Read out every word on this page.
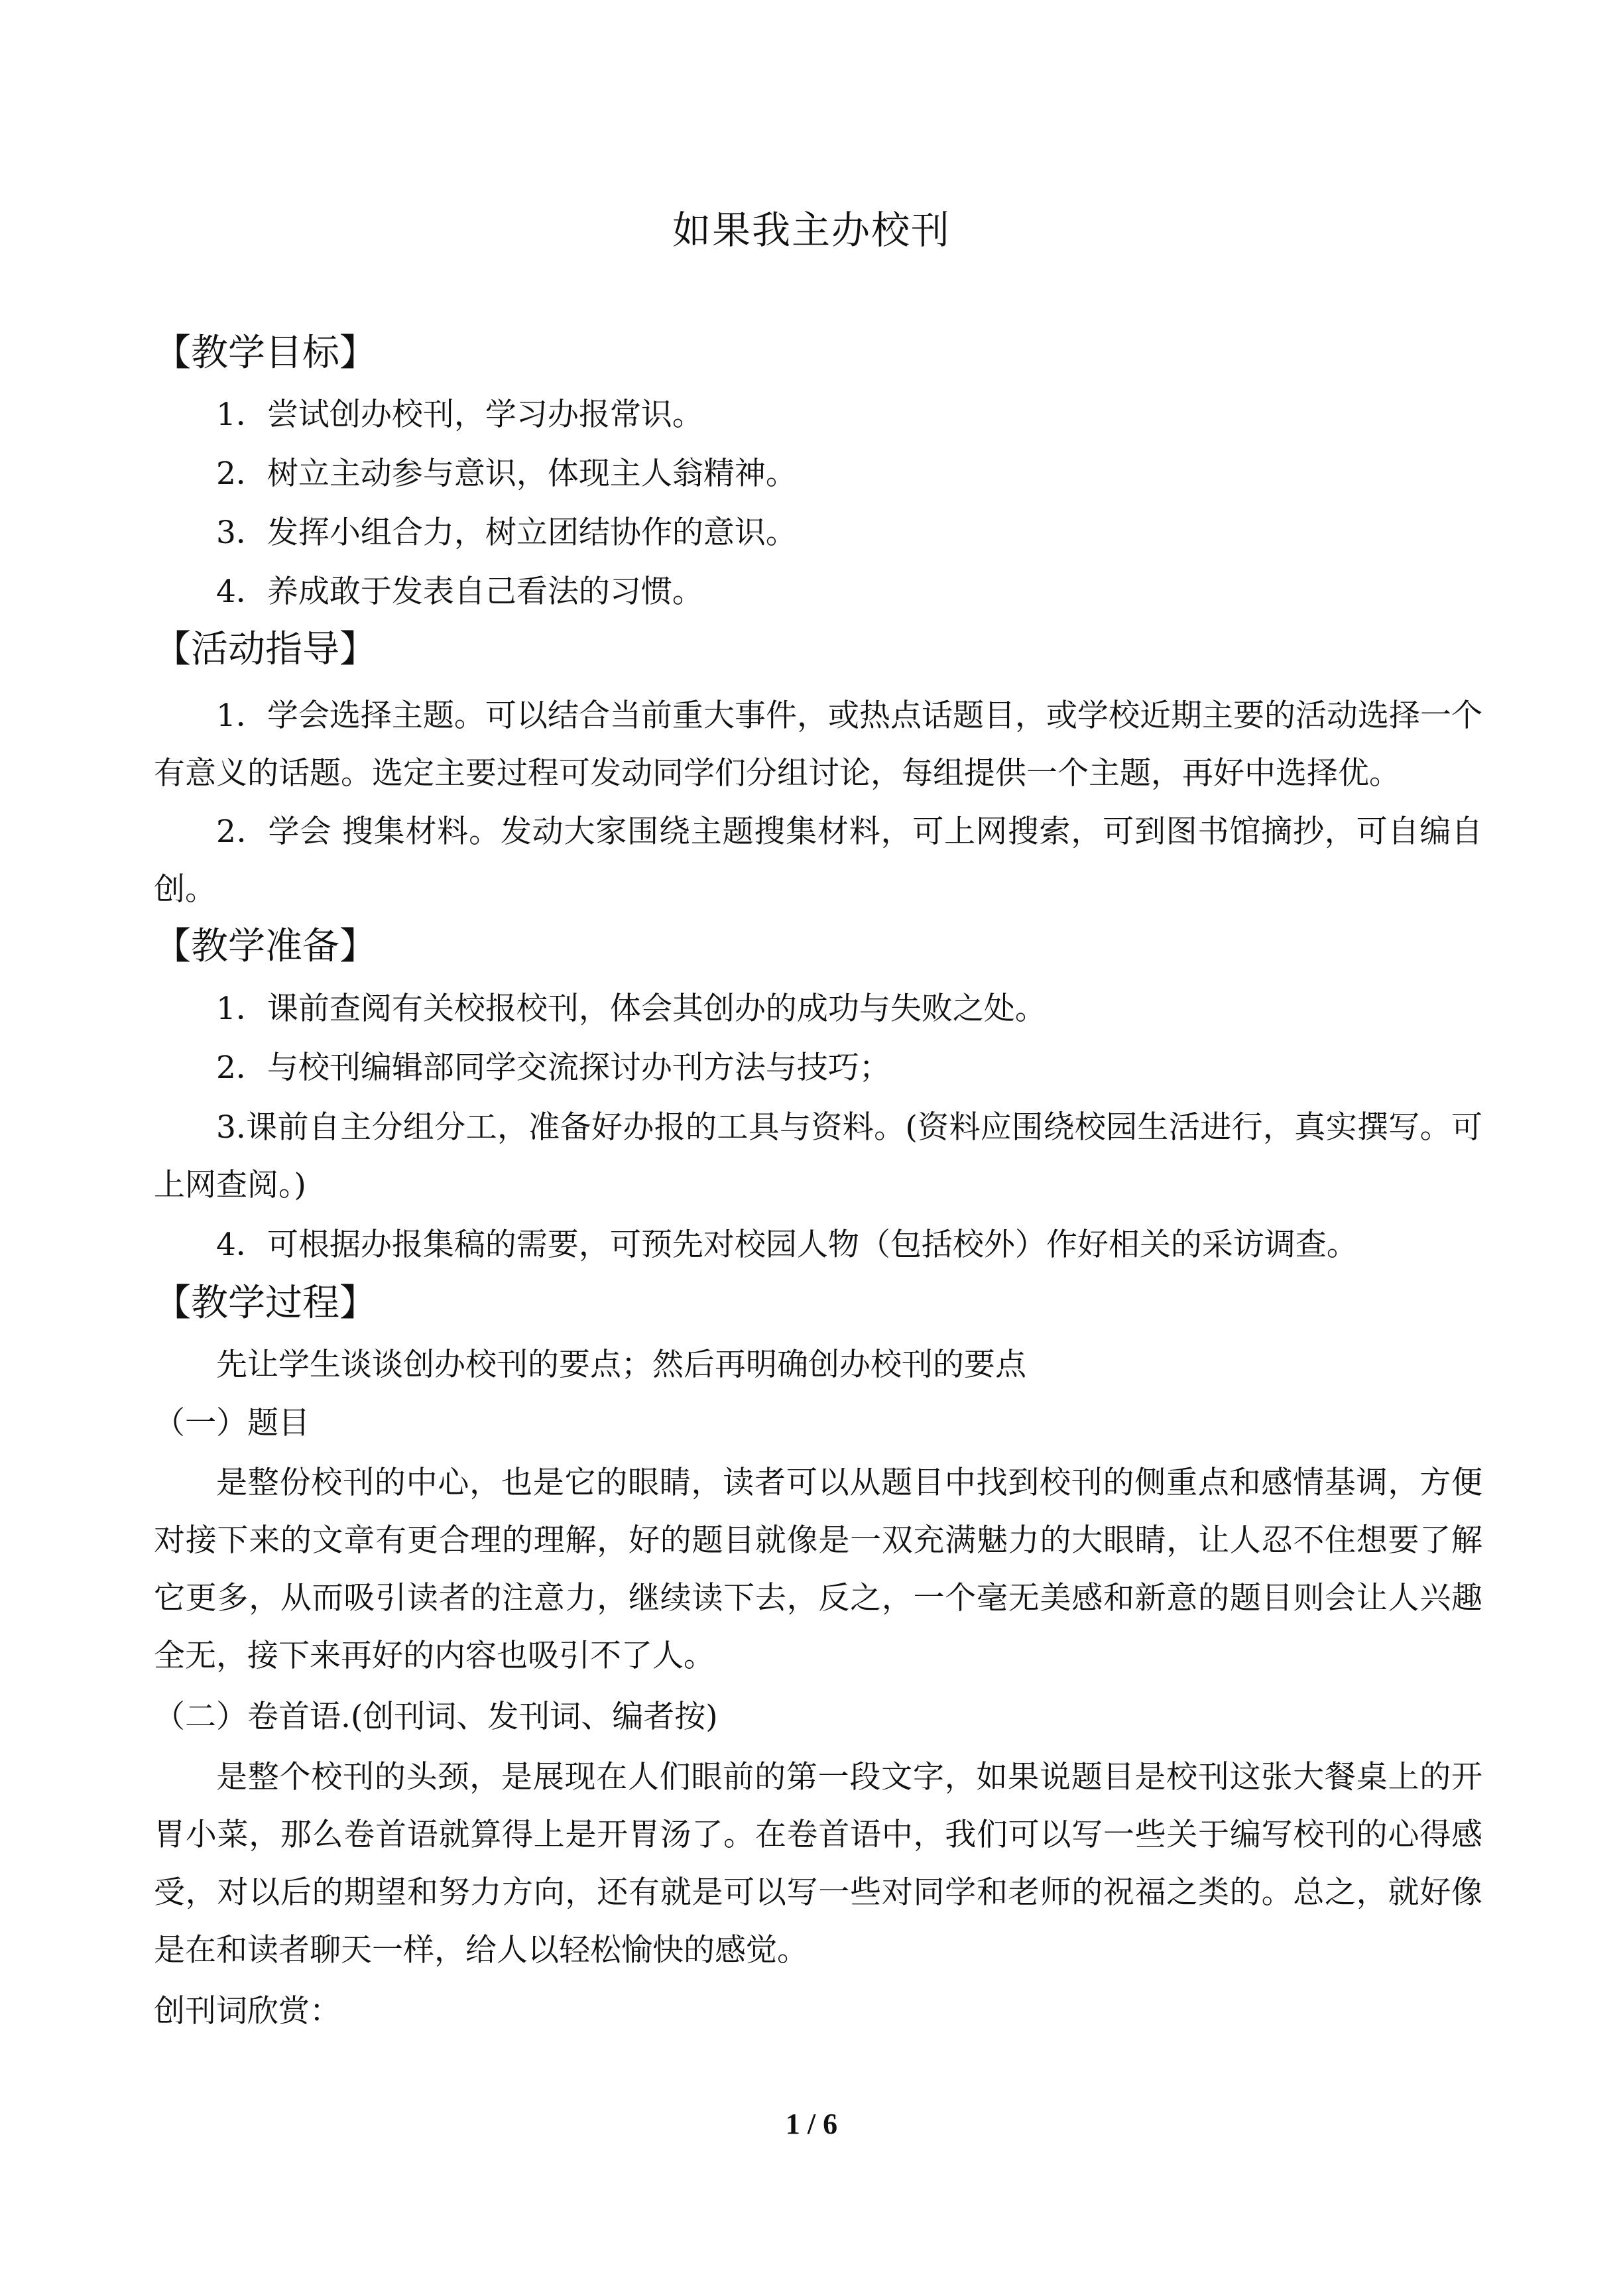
如果我主办校刊
【教学目标】
1．尝试创办校刊，学习办报常识。
2．树立主动参与意识，体现主人翁精神。
3．发挥小组合力，树立团结协作的意识。
4．养成敢于发表自己看法的习惯。
【活动指导】
1．学会选择主题。可以结合当前重大事件，或热点话题目，或学校近期主要的活动选择一个有意义的话题。选定主要过程可发动同学们分组讨论，每组提供一个主题，再好中选择优。
2．学会 搜集材料。发动大家围绕主题搜集材料，可上网搜索，可到图书馆摘抄，可自编自创。
【教学准备】
1．课前查阅有关校报校刊，体会其创办的成功与失败之处。
2．与校刊编辑部同学交流探讨办刊方法与技巧；
3.课前自主分组分工，准备好办报的工具与资料。(资料应围绕校园生活进行，真实撰写。可上网查阅。)
4．可根据办报集稿的需要，可预先对校园人物（包括校外）作好相关的采访调查。
【教学过程】
先让学生谈谈创办校刊的要点；然后再明确创办校刊的要点
（一）题目
是整份校刊的中心，也是它的眼睛，读者可以从题目中找到校刊的侧重点和感情基调，方便对接下来的文章有更合理的理解，好的题目就像是一双充满魅力的大眼睛，让人忍不住想要了解它更多，从而吸引读者的注意力，继续读下去，反之，一个毫无美感和新意的题目则会让人兴趣全无，接下来再好的内容也吸引不了人。
（二）卷首语.(创刊词、发刊词、编者按)
是整个校刊的头颈，是展现在人们眼前的第一段文字，如果说题目是校刊这张大餐桌上的开胃小菜，那么卷首语就算得上是开胃汤了。在卷首语中，我们可以写一些关于编写校刊的心得感受，对以后的期望和努力方向，还有就是可以写一些对同学和老师的祝福之类的。总之，就好像是在和读者聊天一样，给人以轻松愉快的感觉。
创刊词欣赏：
1 / 6
